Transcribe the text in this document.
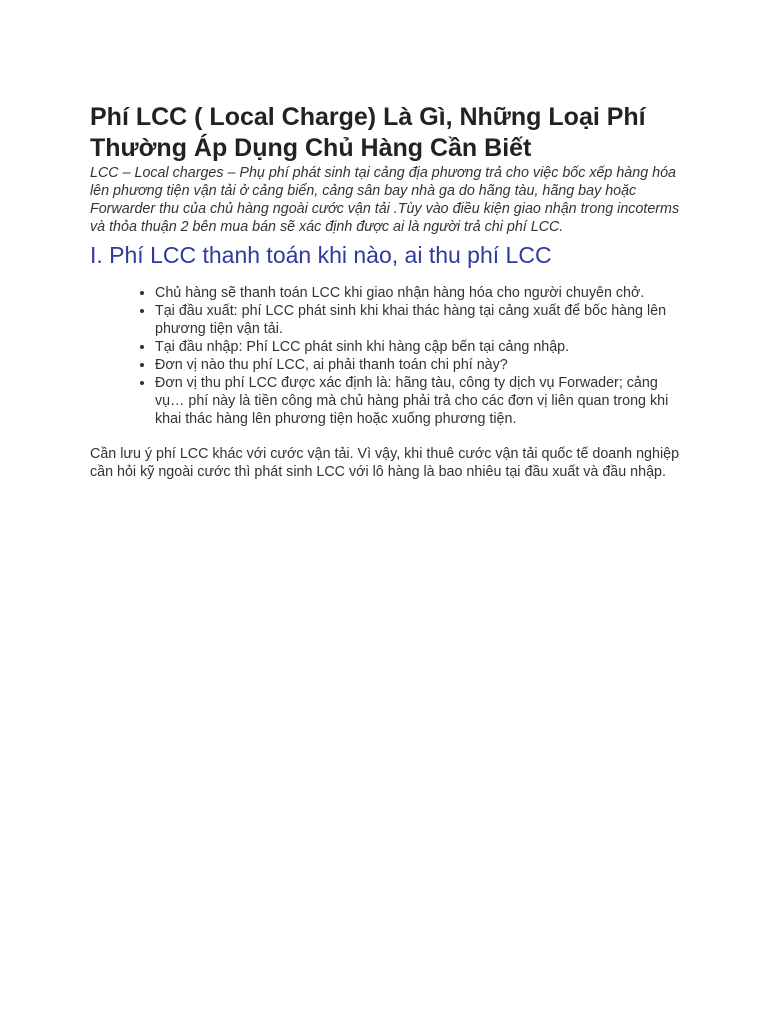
Phí LCC ( Local Charge) Là Gì, Những Loại Phí Thường Áp Dụng Chủ Hàng Cần Biết

LCC – Local charges – Phụ phí phát sinh tại cảng địa phương trả cho việc bốc xếp hàng hóa lên phương tiện vận tải ở cảng biển, cảng sân bay nhà ga do hãng tàu, hãng bay hoặc Forwarder thu của chủ hàng ngoài cước vận tải .Tùy vào điều kiện giao nhận trong incoterms và thỏa thuận 2 bên mua bán sẽ xác định được ai là người trả chi phí LCC.

I. Phí LCC thanh toán khi nào, ai thu phí LCC
• Chủ hàng sẽ thanh toán LCC khi giao nhận hàng hóa cho người chuyên chở.
• Tại đầu xuất: phí LCC phát sinh khi khai thác hàng tại cảng xuất để bốc hàng lên phương tiện vận tải.
• Tại đầu nhập: Phí LCC phát sinh khi hàng cập bến tại cảng nhập.
• Đơn vị nào thu phí LCC, ai phải thanh toán chi phí này?
• Đơn vị thu phí LCC được xác định là: hãng tàu, công ty dịch vụ Forwader; cảng vụ… phí này là tiền công mà chủ hàng phải trả cho các đơn vị liên quan trong khi khai thác hàng lên phương tiện hoặc xuống phương tiện.

Cần lưu ý phí LCC khác với cước vận tải. Vì vậy, khi thuê cước vận tải quốc tế doanh nghiệp cần hỏi kỹ ngoài cước thì phát sinh LCC với lô hàng là bao nhiêu tại đầu xuất và đầu nhập.
